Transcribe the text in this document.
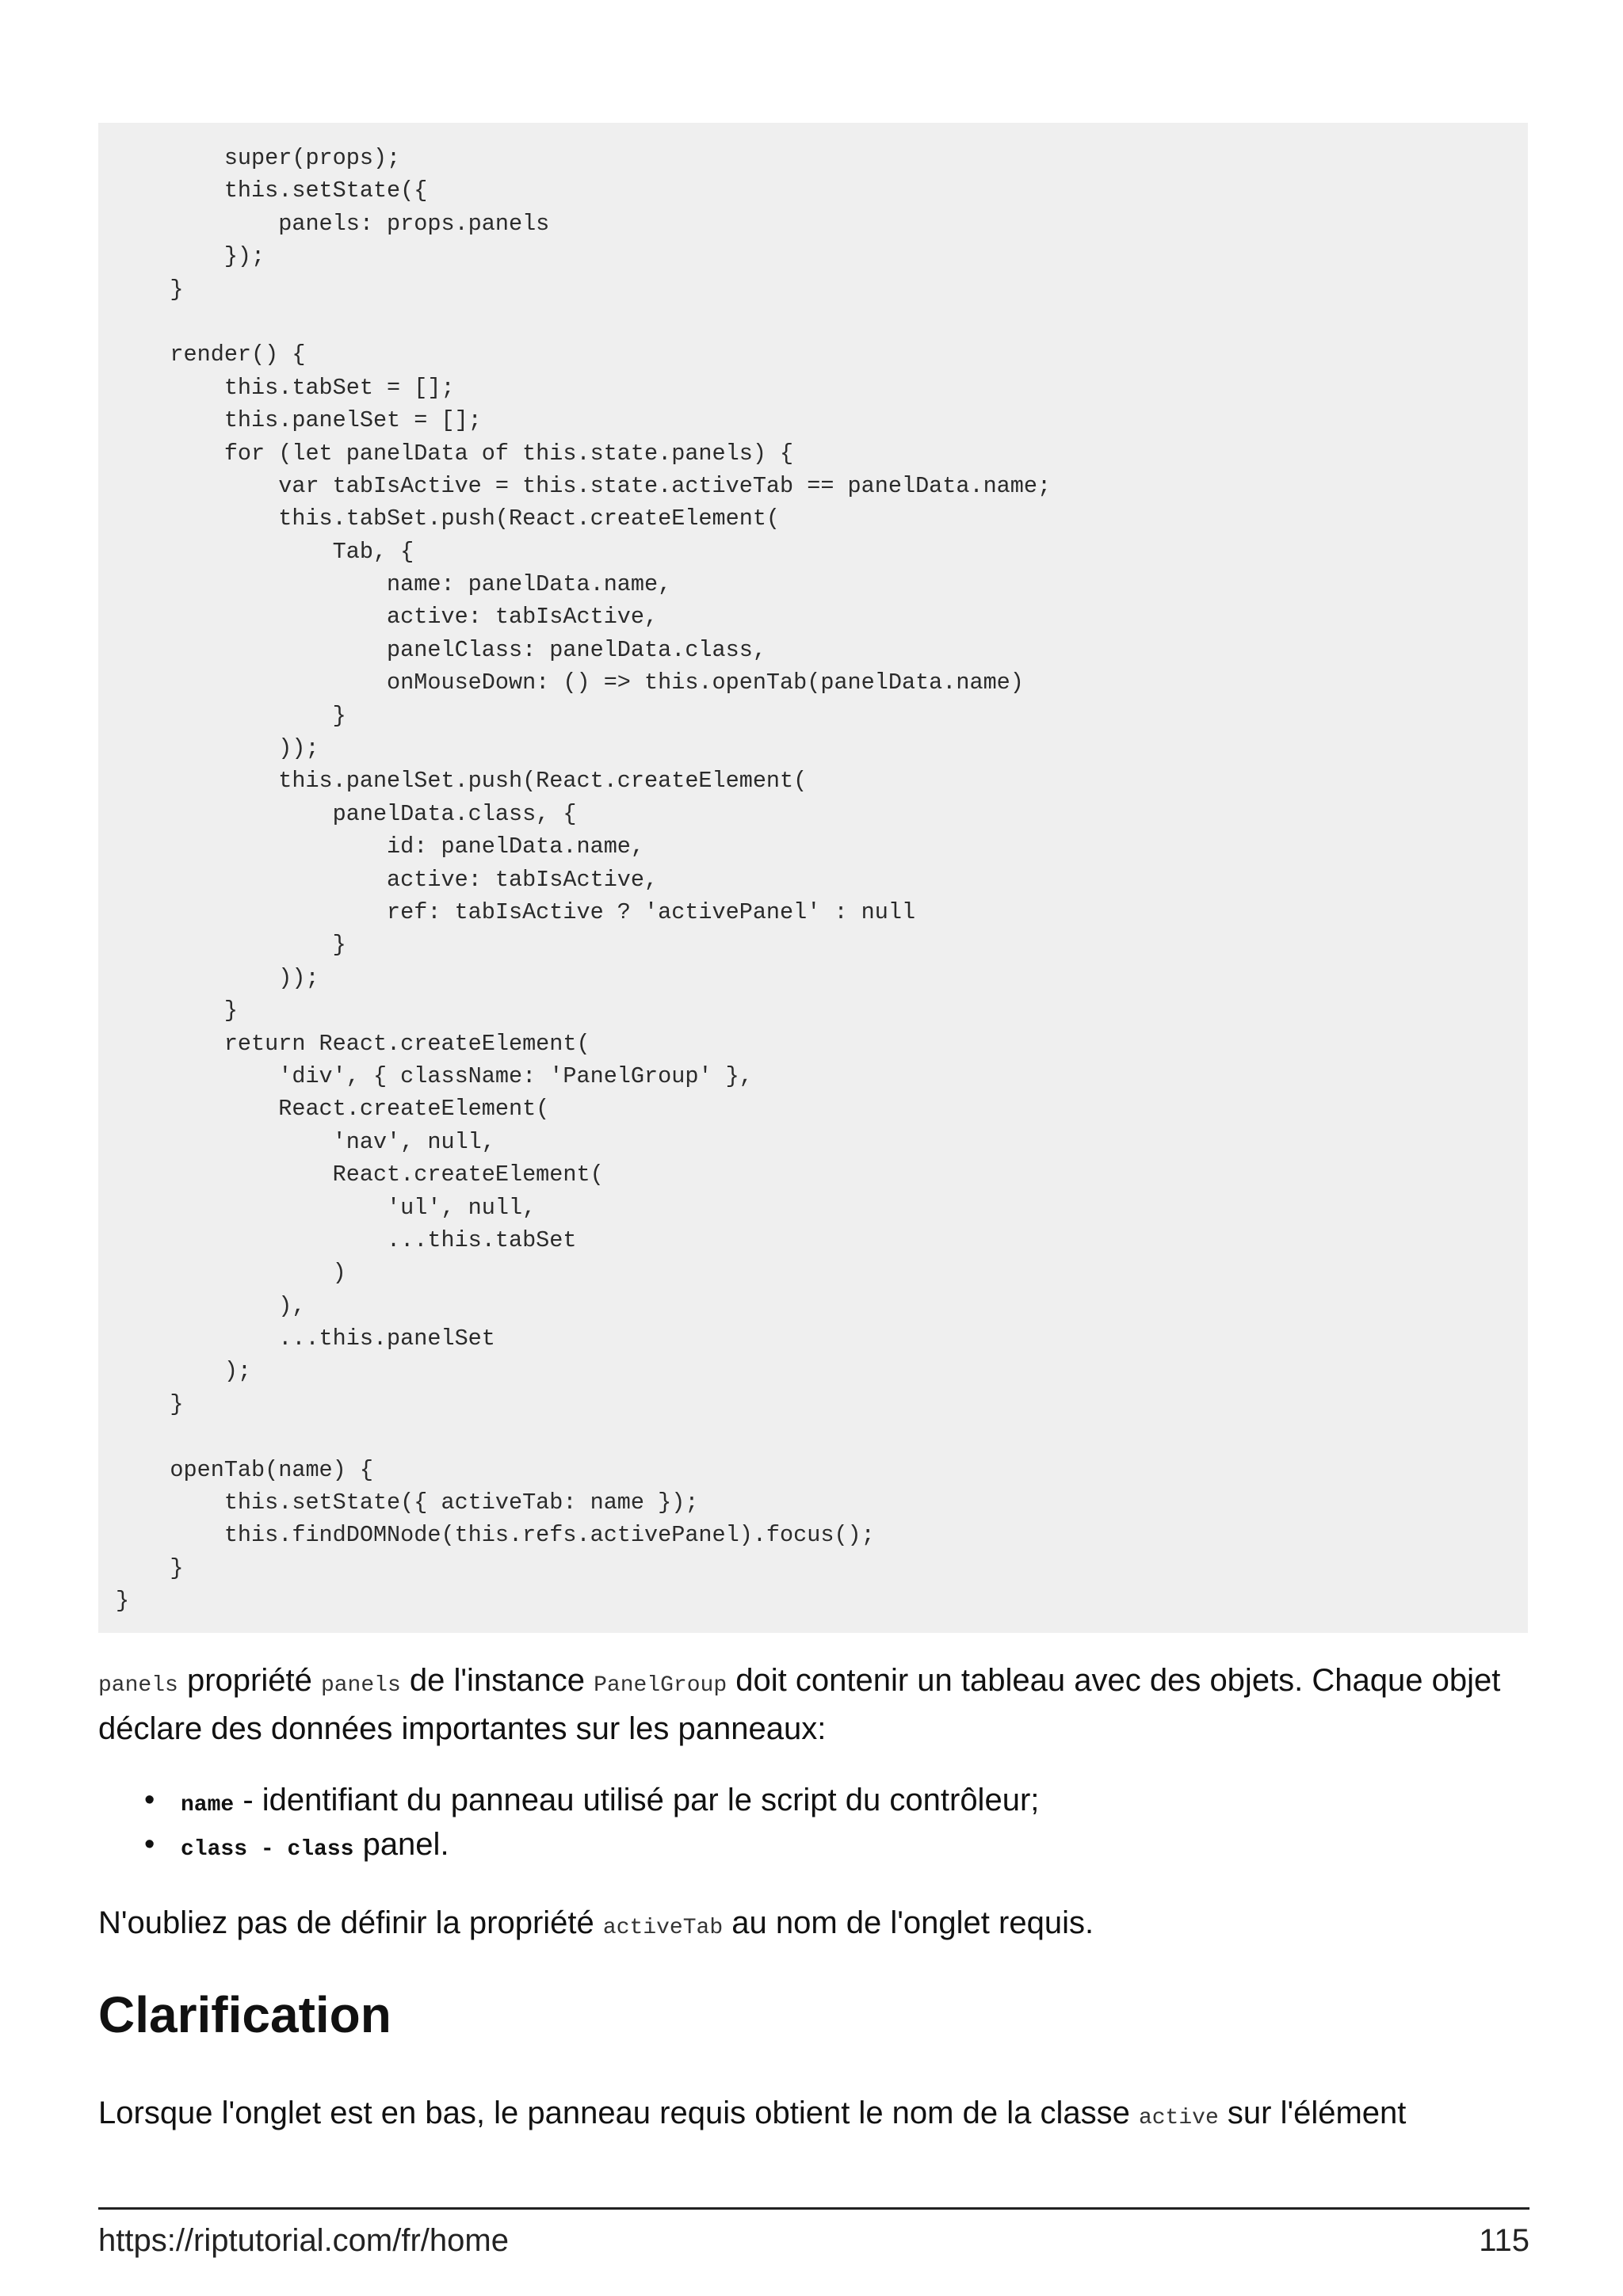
super(props);
this.setState({
panels: props.panels
});
}
render() {
this.tabSet = [];
this.panelSet = [];
for (let panelData of this.state.panels) {
var tabIsActive = this.state.activeTab == panelData.name;
this.tabSet.push(React.createElement(
Tab, {
name: panelData.name,
active: tabIsActive,
panelClass: panelData.class,
onMouseDown: () => this.openTab(panelData.name)
}
));
this.panelSet.push(React.createElement(
panelData.class, {
id: panelData.name,
active: tabIsActive,
ref: tabIsActive ? 'activePanel' : null
}
));
}
return React.createElement(
'div', { className: 'PanelGroup' },
React.createElement(
'nav', null,
React.createElement(
'ul', null,
...this.tabSet
)
),
...this.panelSet
);
}
openTab(name) {
this.setState({ activeTab: name });
this.findDOMNode(this.refs.activePanel).focus();
}
}

panels propriété panels de l'instance PanelGroup doit contenir un tableau avec des objets. Chaque objet déclare des données importantes sur les panneaux:

• name - identifiant du panneau utilisé par le script du contrôleur;
• class - class panel.

N'oubliez pas de définir la propriété activeTab au nom de l'onglet requis.

Clarification

Lorsque l'onglet est en bas, le panneau requis obtient le nom de la classe active sur l'élément

https://riptutorial.com/fr/home	115
